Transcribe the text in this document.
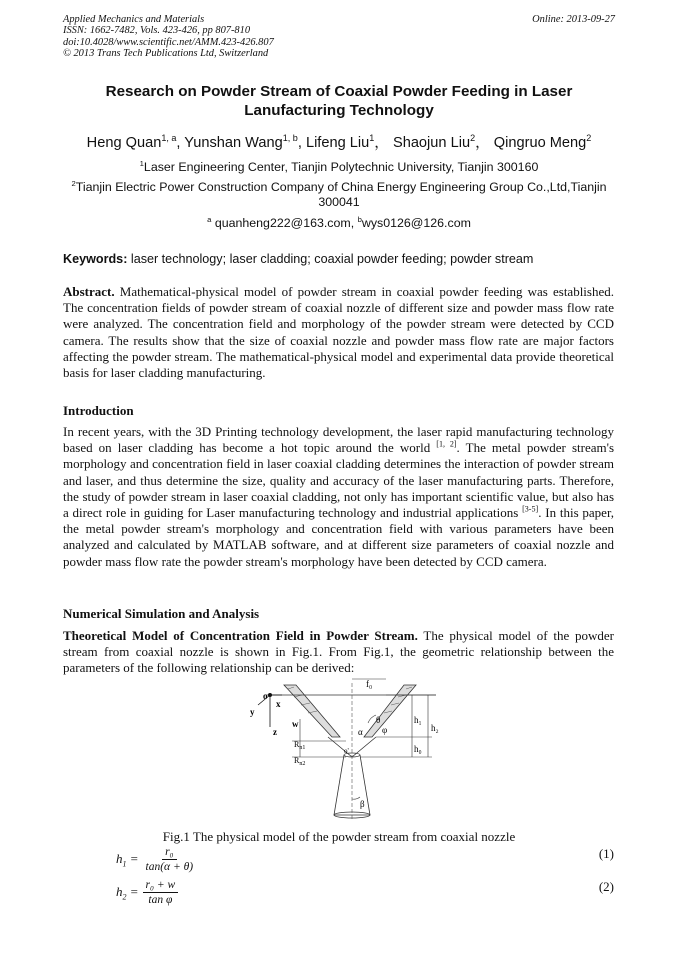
Applied Mechanics and Materials
ISSN: 1662-7482, Vols. 423-426, pp 807-810
doi:10.4028/www.scientific.net/AMM.423-426.807
© 2013 Trans Tech Publications Ltd, Switzerland
Online: 2013-09-27
Research on Powder Stream of Coaxial Powder Feeding in Laser Lanufacturing Technology
Heng Quan$^{1, a}$, Yunshan Wang$^{1, b}$, Lifeng Liu$^1$， Shaojun Liu$^2$， Qingruo Meng$^2$
$^1$Laser Engineering Center, Tianjin Polytechnic University, Tianjin 300160
$^2$Tianjin Electric Power Construction Company of China Energy Engineering Group Co.,Ltd,Tianjin 300041
$^a$ quanheng222@163.com, $^b$wys0126@126.com
Keywords: laser technology; laser cladding; coaxial powder feeding; powder stream
Abstract. Mathematical-physical model of powder stream in coaxial powder feeding was established. The concentration fields of powder stream of coaxial nozzle of different size and powder mass flow rate were analyzed. The concentration field and morphology of the powder stream were detected by CCD camera. The results show that the size of coaxial nozzle and powder mass flow rate are major factors affecting the powder stream. The mathematical-physical model and experimental data provide theoretical basis for laser cladding manufacturing.
Introduction
In recent years, with the 3D Printing technology development, the laser rapid manufacturing technology based on laser cladding has become a hot topic around the world [1, 2]. The metal powder stream's morphology and concentration field in laser coaxial cladding determines the interaction of powder stream and laser, and thus determine the size, quality and accuracy of the laser manufacturing parts. Therefore, the study of powder stream in laser coaxial cladding, not only has important scientific value, but also has a direct role in guiding for Laser manufacturing technology and industrial applications [3-5]. In this paper, the metal powder stream's morphology and concentration field with various parameters have been analyzed and calculated by MATLAB software, and at different size parameters of coaxial nozzle and powder mass flow rate the powder stream's morphology have been detected by CCD camera.
Numerical Simulation and Analysis
Theoretical Model of Concentration Field in Powder Stream. The physical model of the powder stream from coaxial nozzle is shown in Fig.1. From Fig.1, the geometric relationship between the parameters of the following relationship can be derived:
o
x
y
z
f₀
w	θ
φ
α
β
h₁
h₂
h₀
$R_{n1}$
$R_{n2}$
o'
Fig.1 The physical model of the powder stream from coaxial nozzle
$h_1 = \frac{\text{r₀}}{\tan(\alpha + \theta)}$	(1)
$h_2 = \frac{\text{r₀ + w}}{\text{tan φ}}$	(2)
